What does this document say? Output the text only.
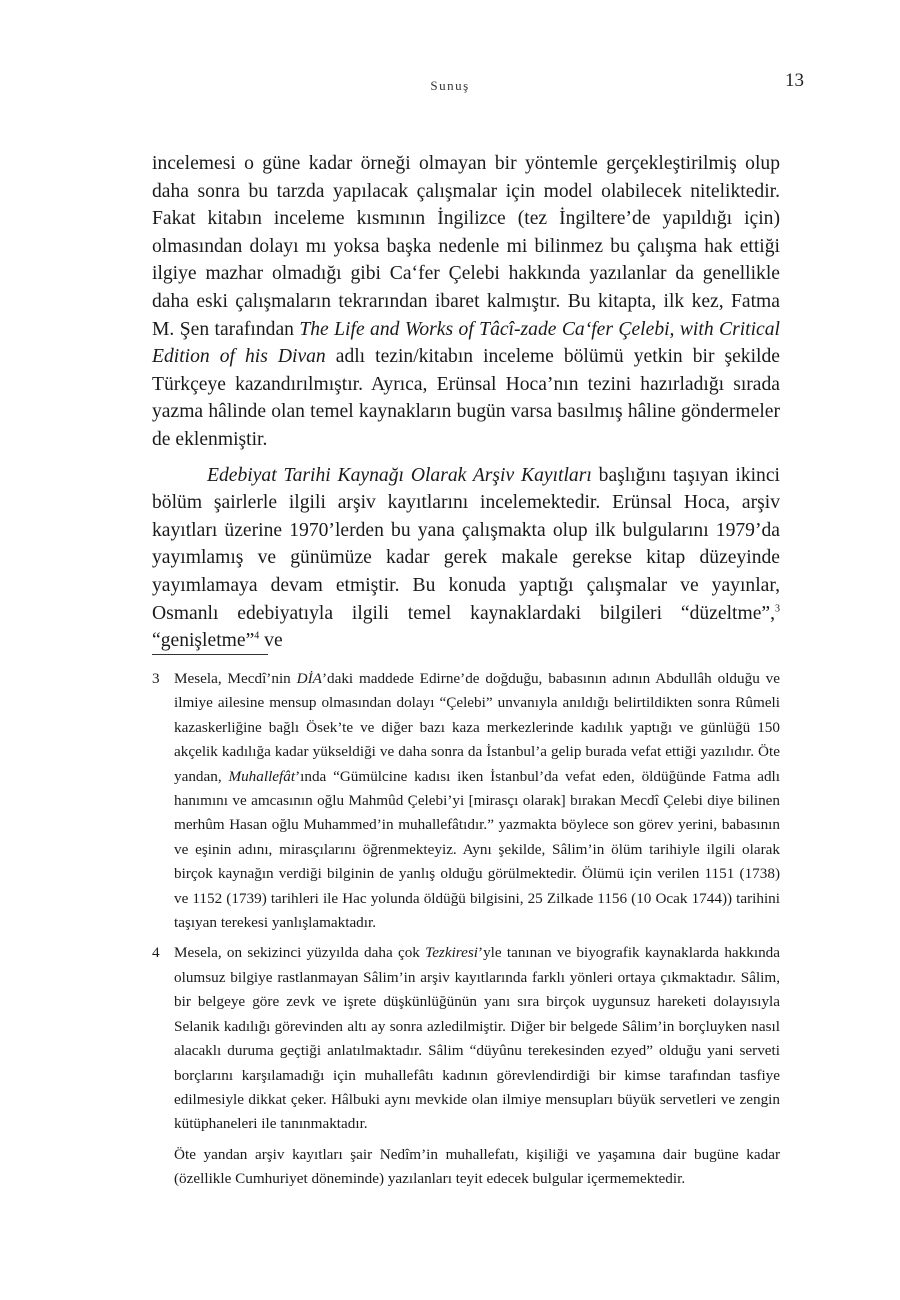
Sunuş	13

incelemesi o güne kadar örneği olmayan bir yöntemle gerçekleştirilmiş olup daha sonra bu tarzda yapılacak çalışmalar için model olabilecek niteliktedir. Fakat kitabın inceleme kısmının İngilizce (tez İngiltere’de yapıldığı için) olmasından dolayı mı yoksa başka nedenle mi bilinmez bu çalışma hak ettiği ilgiye mazhar olmadığı gibi Ca‘fer Çelebi hakkında yazılanlar da genellikle daha eski çalışmaların tekrarından ibaret kalmıştır. Bu kitapta, ilk kez, Fatma M. Şen tarafından The Life and Works of Tâcî-zade Ca‘fer Çelebi, with Critical Edition of his Divan adlı tezin/kitabın inceleme bölümü yetkin bir şekilde Türkçeye kazandırılmıştır. Ayrıca, Erünsal Hoca’nın tezini hazırladığı sırada yazma hâlinde olan temel kaynakların bugün varsa basılmış hâline göndermeler de eklenmiştir.

Edebiyat Tarihi Kaynağı Olarak Arşiv Kayıtları başlığını taşıyan ikinci bölüm şairlerle ilgili arşiv kayıtlarını incelemektedir. Erünsal Hoca, arşiv kayıtları üzerine 1970’lerden bu yana çalışmakta olup ilk bulgularını 1979’da yayımlamış ve günümüze kadar gerek makale gerekse kitap düzeyinde yayımlamaya devam etmiştir. Bu konuda yaptığı çalışmalar ve yayınlar, Osmanlı edebiyatıyla ilgili temel kaynaklardaki bilgileri “düzeltme”,$^3$ “genişletme”$^4$ ve

3 Mesela, Mecdî’nin DİA’daki maddede Edirne’de doğduğu, babasının adının Abdullâh olduğu ve ilmiye ailesine mensup olmasından dolayı “Çelebi” unvanıyla anıldığı belirtildikten sonra Rûmeli kazaskerliğine bağlı Ösek’te ve diğer bazı kaza merkezlerinde kadılık yaptığı ve günlüğü 150 akçelik kadılığa kadar yükseldiği ve daha sonra da İstanbul’a gelip burada vefat ettiği yazılıdır. Öte yandan, Muhallefât’ında “Gümülcine kadısı iken İstanbul’da vefat eden, öldüğünde Fatma adlı hanımını ve amcasının oğlu Mahmûd Çelebi’yi [mirasçı olarak] bırakan Mecdî Çelebi diye bilinen merhûm Hasan oğlu Muhammed’in muhallefâtıdır.” yazmakta böylece son görev yerini, babasının ve eşinin adını, mirasçılarını öğrenmekteyiz. Aynı şekilde, Sâlim’in ölüm tarihiyle ilgili olarak birçok kaynağın verdiği bilginin de yanlış olduğu görülmektedir. Ölümü için verilen 1151 (1738) ve 1152 (1739) tarihleri ile Hac yolunda öldüğü bilgisini, 25 Zilkade 1156 (10 Ocak 1744)) tarihini taşıyan terekesi yanlışlamaktadır.
4 Mesela, on sekizinci yüzyılda daha çok Tezkiresi’yle tanınan ve biyografik kaynaklarda hakkında olumsuz bilgiye rastlanmayan Sâlim’in arşiv kayıtlarında farklı yönleri ortaya çıkmaktadır. Sâlim, bir belgeye göre zevk ve işrete düşkünlüğünün yanı sıra birçok uygunsuz hareketi dolayısıyla Selanik kadılığı görevinden altı ay sonra azledilmiştir. Diğer bir belgede Sâlim’in borçluyken nasıl alacaklı duruma geçtiği anlatılmaktadır. Sâlim “düyûnu terekesinden ezyed” olduğu yani serveti borçlarını karşılamadığı için muhallefâtı kadının görevlendirdiği bir kimse tarafından tasfiye edilmesiyle dikkat çeker. Hâlbuki aynı mevkide olan ilmiye mensupları büyük servetleri ve zengin kütüphaneleri ile tanınmaktadır.

Öte yandan arşiv kayıtları şair Nedîm’in muhallefatı, kişiliği ve yaşamına dair bugüne kadar (özellikle Cumhuriyet döneminde) yazılanları teyit edecek bulgular içermemektedir.
